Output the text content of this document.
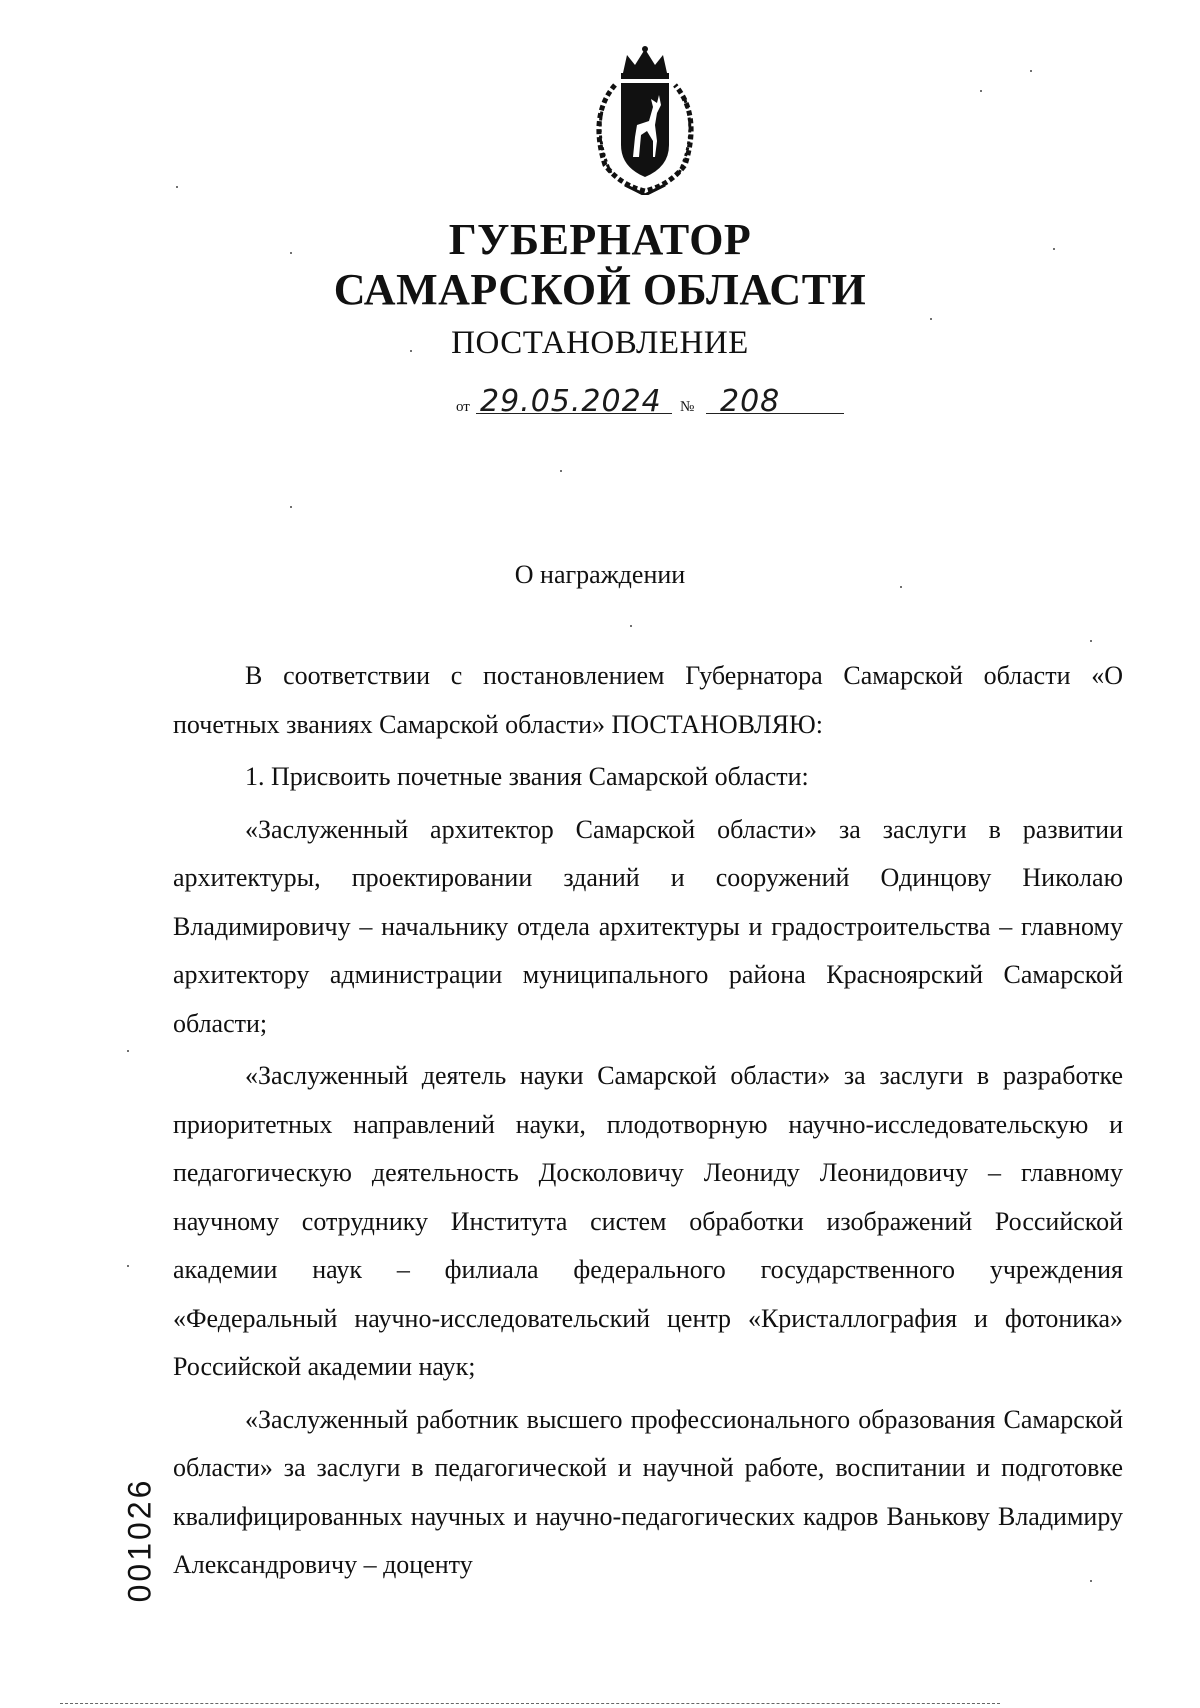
ГУБЕРНАТОР
САМАРСКОЙ ОБЛАСТИ
ПОСТАНОВЛЕНИЕ
от 29.05.2024 № 208
О награждении

В соответствии с постановлением Губернатора Самарской области «О почетных званиях Самарской области» ПОСТАНОВЛЯЮ:

1. Присвоить почетные звания Самарской области:

«Заслуженный архитектор Самарской области» за заслуги в развитии архитектуры, проектировании зданий и сооружений Одинцову Николаю Владимировичу – начальнику отдела архитектуры и градостроительства – главному архитектору администрации муниципального района Красноярский Самарской области;

«Заслуженный деятель науки Самарской области» за заслуги в разработке приоритетных направлений науки, плодотворную научно-исследовательскую и педагогическую деятельность Досколовичу Леониду Леонидовичу – главному научному сотруднику Института систем обработки изображений Российской академии наук – филиала федерального государственного учреждения «Федеральный научно-исследовательский центр «Кристаллография и фотоника» Российской академии наук;

«Заслуженный работник высшего профессионального образования Самарской области» за заслуги в педагогической и научной работе, воспитании и подготовке квалифицированных научных и научно-педагогических кадров Ванькову Владимиру Александровичу – доценту

001026
